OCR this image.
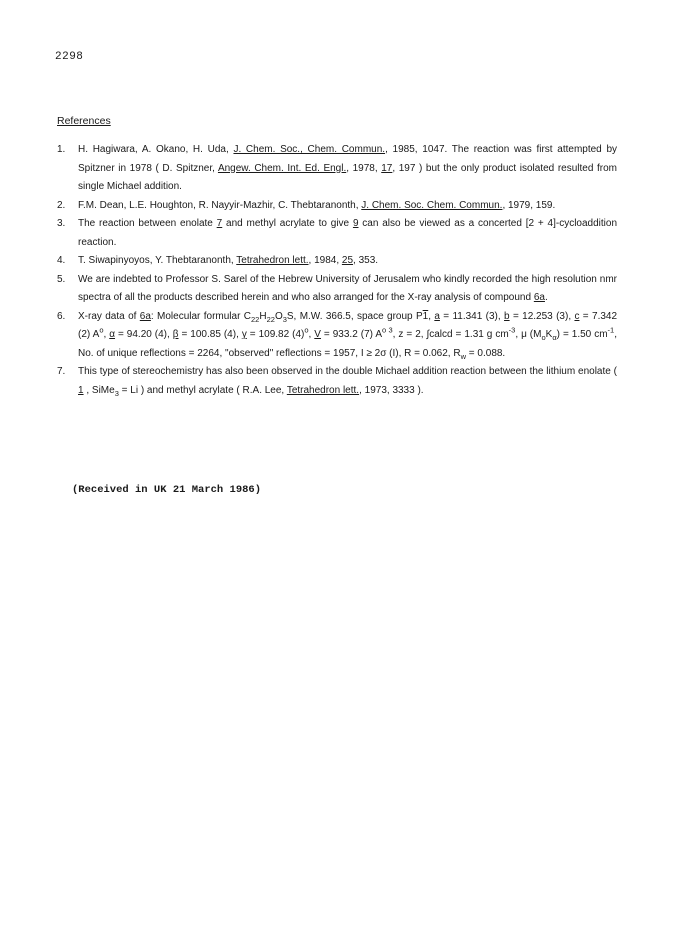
2298
References
1. H. Hagiwara, A. Okano, H. Uda, J. Chem. Soc., Chem. Commun., 1985, 1047. The reaction was first attempted by Spitzner in 1978 ( D. Spitzner, Angew. Chem. Int. Ed. Engl., 1978, 17, 197 ) but the only product isolated resulted from single Michael addition.
2. F.M. Dean, L.E. Houghton, R. Nayyir-Mazhir, C. Thebtaranonth, J. Chem. Soc. Chem. Commun., 1979, 159.
3. The reaction between enolate 7 and methyl acrylate to give 9 can also be viewed as a concerted [2 + 4]-cycloaddition reaction.
4. T. Siwapinyoyos, Y. Thebtaranonth, Tetrahedron lett., 1984, 25, 353.
5. We are indebted to Professor S. Sarel of the Hebrew University of Jerusalem who kindly recorded the high resolution nmr spectra of all the products described herein and who also arranged for the X-ray analysis of compound 6a.
6. X-ray data of 6a: Molecular formular $C_{22}H_{22}O_3S$, M.W. 366.5, space group P1, a = 11.341 (3), b = 12.253 (3), c = 7.342 (2) $A^o$, α = 94.20 (4), β = 100.85 (4), γ = 109.82 $(4)^o$, V = 933.2 (7) $A^{o 3}$, z = 2, ∫calcd = 1.31 g $cm^{-3}$, μ $(M_oK_\alpha) = 1.50$ $cm^{-1}$, No. of unique reflections = 2264, "observed" reflections = 1957, I ≥ 2σ (I), R = 0.062, $R_w = 0.088$.
7. This type of stereochemistry has also been observed in the double Michael addition reaction between the lithium enolate ( 1 , SiMe$_3$ = Li ) and methyl acrylate ( R.A. Lee, Tetrahedron lett., 1973, 3333 ).
(Received in UK 21 March 1986)
